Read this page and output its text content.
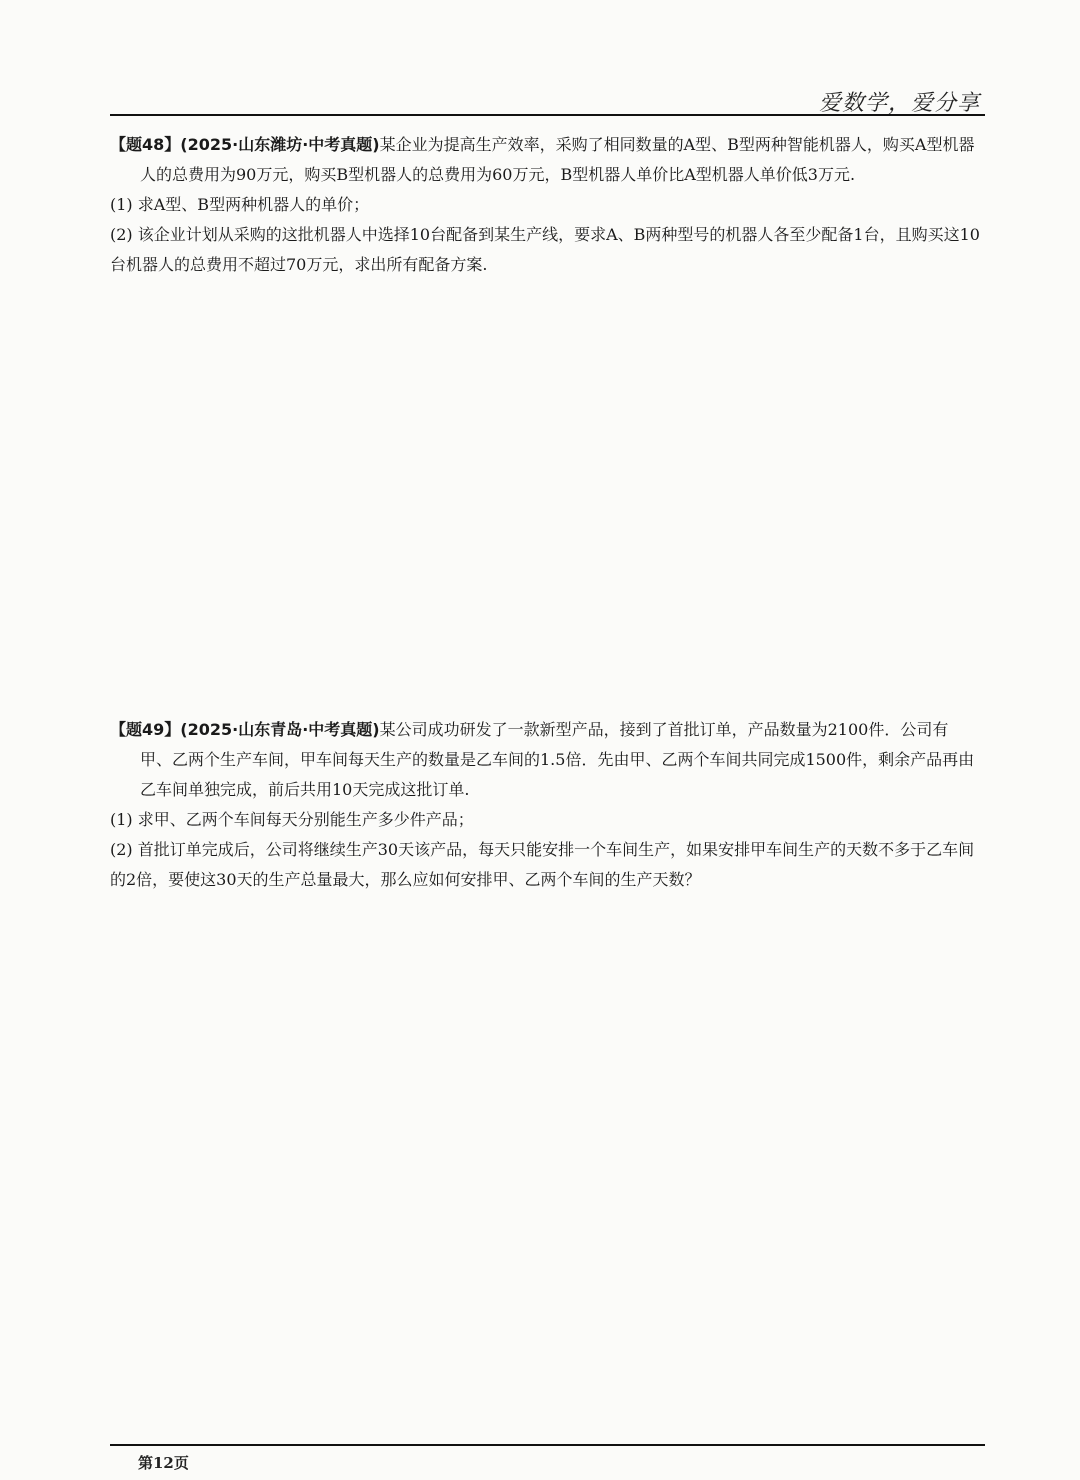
爱数学，爱分享

【题48】(2025·山东潍坊·中考真题)某企业为提高生产效率，采购了相同数量的A型、B型两种智能机器人，购买A型机器人的总费用为90万元，购买B型机器人的总费用为60万元，B型机器人单价比A型机器人单价低3万元.

(1) 求A型、B型两种机器人的单价；

(2) 该企业计划从采购的这批机器人中选择10台配备到某生产线，要求A、B两种型号的机器人各至少配备1台，且购买这10台机器人的总费用不超过70万元，求出所有配备方案.

【题49】(2025·山东青岛·中考真题)某公司成功研发了一款新型产品，接到了首批订单，产品数量为2100件．公司有甲、乙两个生产车间，甲车间每天生产的数量是乙车间的1.5倍．先由甲、乙两个车间共同完成1500件，剩余产品再由乙车间单独完成，前后共用10天完成这批订单.

(1) 求甲、乙两个车间每天分别能生产多少件产品；

(2) 首批订单完成后，公司将继续生产30天该产品，每天只能安排一个车间生产，如果安排甲车间生产的天数不多于乙车间的2倍，要使这30天的生产总量最大，那么应如何安排甲、乙两个车间的生产天数？

第12页
